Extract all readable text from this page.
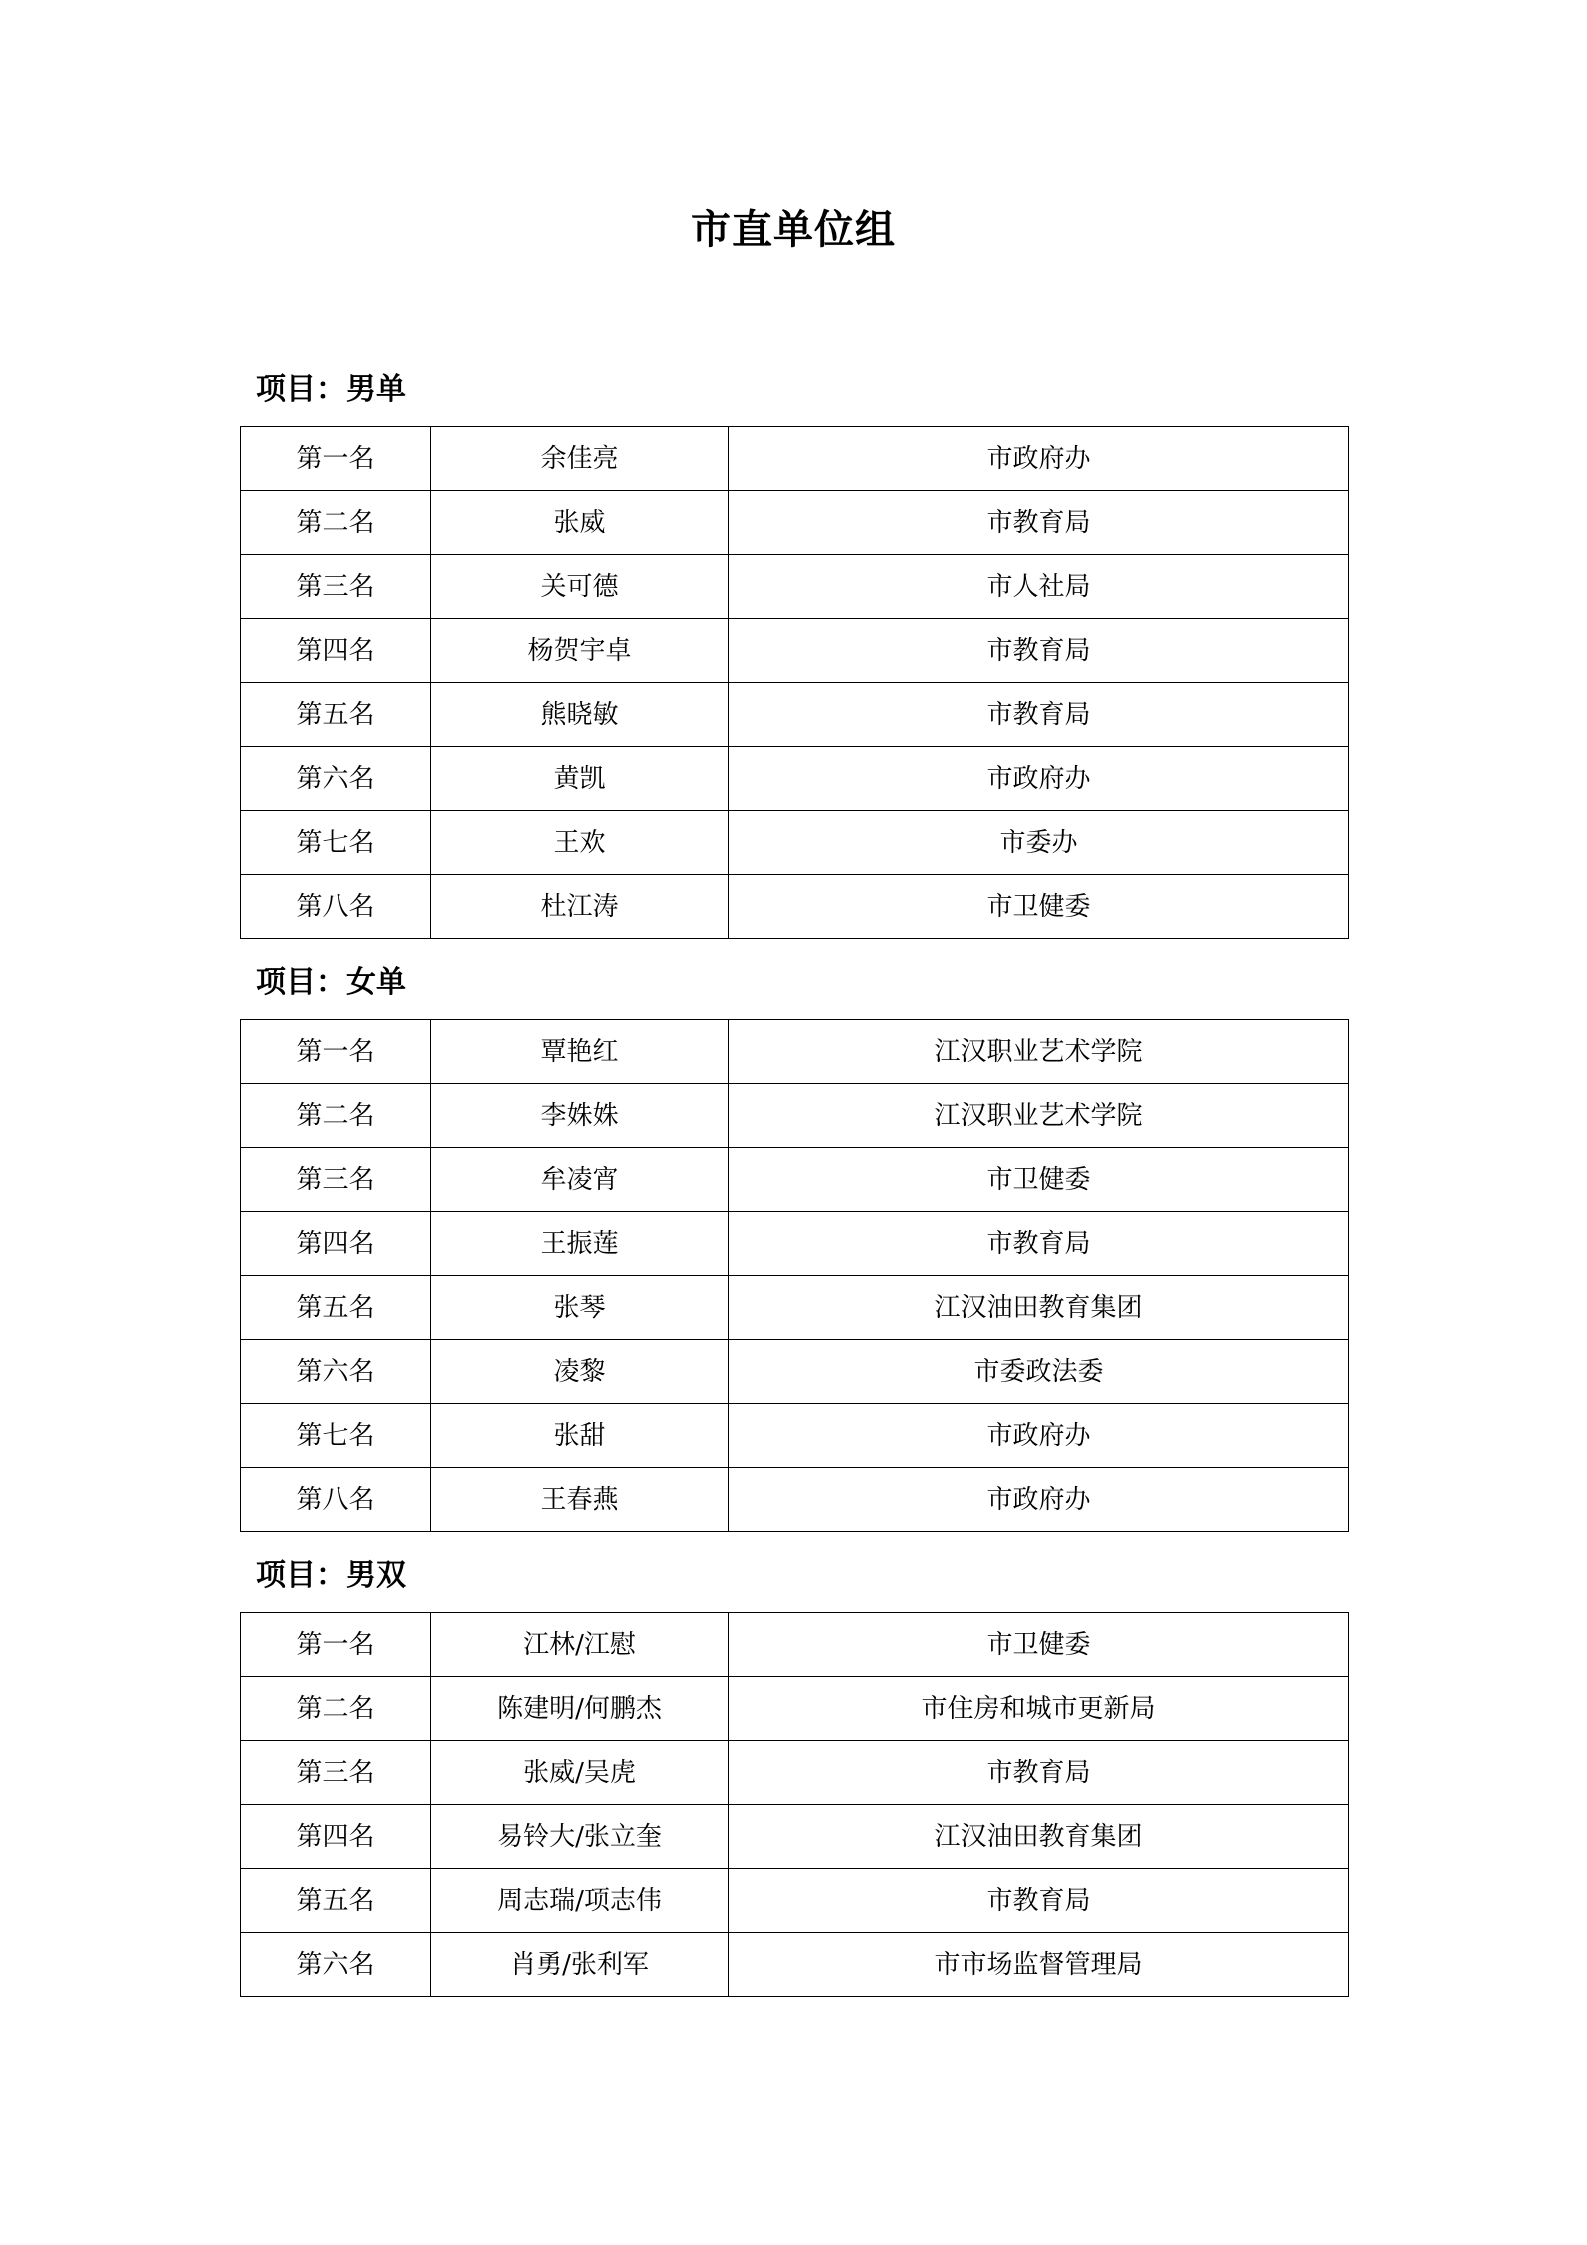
市直单位组
项目：男单
第一名	余佳亮	市政府办
第二名	张威	市教育局
第三名	关可德	市人社局
第四名	杨贺宇卓	市教育局
第五名	熊晓敏	市教育局
第六名	黄凯	市政府办
第七名	王欢	市委办
第八名	杜江涛	市卫健委
项目：女单
第一名	覃艳红	江汉职业艺术学院
第二名	李姝姝	江汉职业艺术学院
第三名	牟凌宵	市卫健委
第四名	王振莲	市教育局
第五名	张琴	江汉油田教育集团
第六名	凌黎	市委政法委
第七名	张甜	市政府办
第八名	王春燕	市政府办
项目：男双
第一名	江林/江慰	市卫健委
第二名	陈建明/何鹏杰	市住房和城市更新局
第三名	张威/吴虎	市教育局
第四名	易铃大/张立奎	江汉油田教育集团
第五名	周志瑞/项志伟	市教育局
第六名	肖勇/张利军	市市场监督管理局
